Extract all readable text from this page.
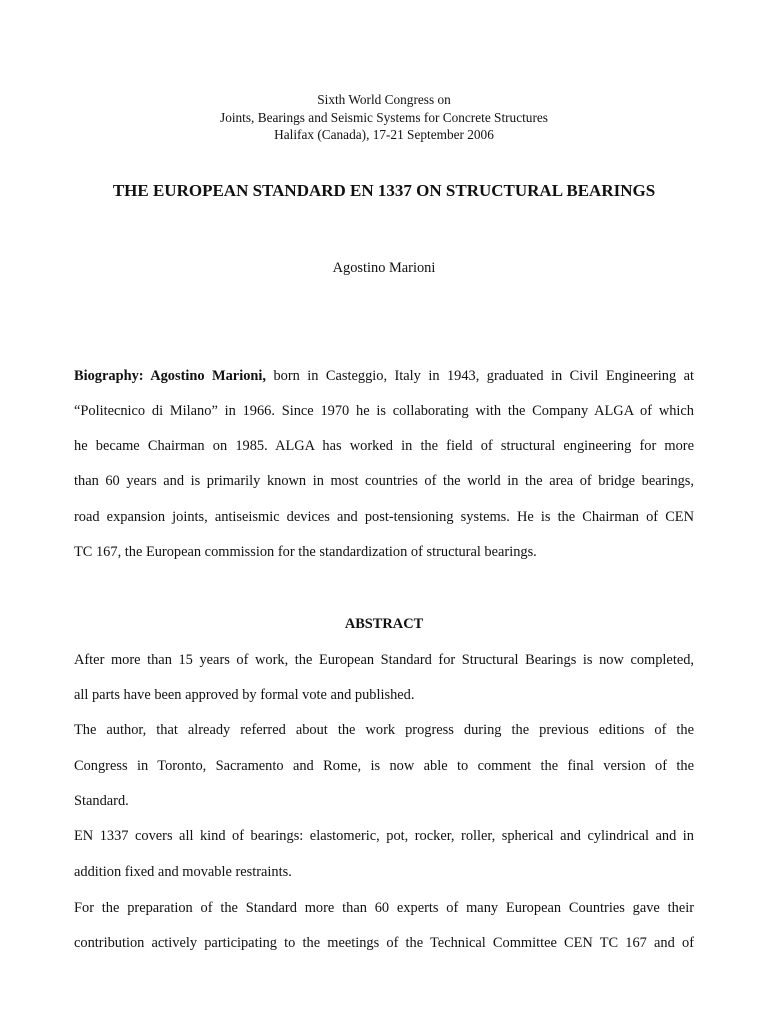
Sixth World Congress on
Joints, Bearings and Seismic Systems for Concrete Structures
Halifax (Canada), 17-21 September 2006
THE EUROPEAN STANDARD EN 1337 ON STRUCTURAL BEARINGS
Agostino Marioni
Biography: Agostino Marioni, born in Casteggio, Italy in 1943, graduated in Civil Engineering at
“Politecnico di Milano” in 1966. Since 1970 he is collaborating with the Company ALGA of which
he became Chairman on 1985. ALGA has worked in the field of structural engineering for more
than 60 years and is primarily known in most countries of the world in the area of bridge bearings,
road expansion joints, antiseismic devices and post-tensioning systems. He is the Chairman of CEN
TC 167, the European commission for the standardization of structural bearings.
ABSTRACT
After more than 15 years of work, the European Standard for Structural Bearings is now completed,
all parts have been approved by formal vote and published.
The author, that already referred about the work progress during the previous editions of the
Congress in Toronto, Sacramento and Rome, is now able to comment the final version of the
Standard.
EN 1337 covers all kind of bearings: elastomeric, pot, rocker, roller, spherical and cylindrical and in
addition fixed and movable restraints.
For the preparation of the Standard more than 60 experts of many European Countries gave their
contribution actively participating to the meetings of the Technical Committee CEN TC 167 and of
